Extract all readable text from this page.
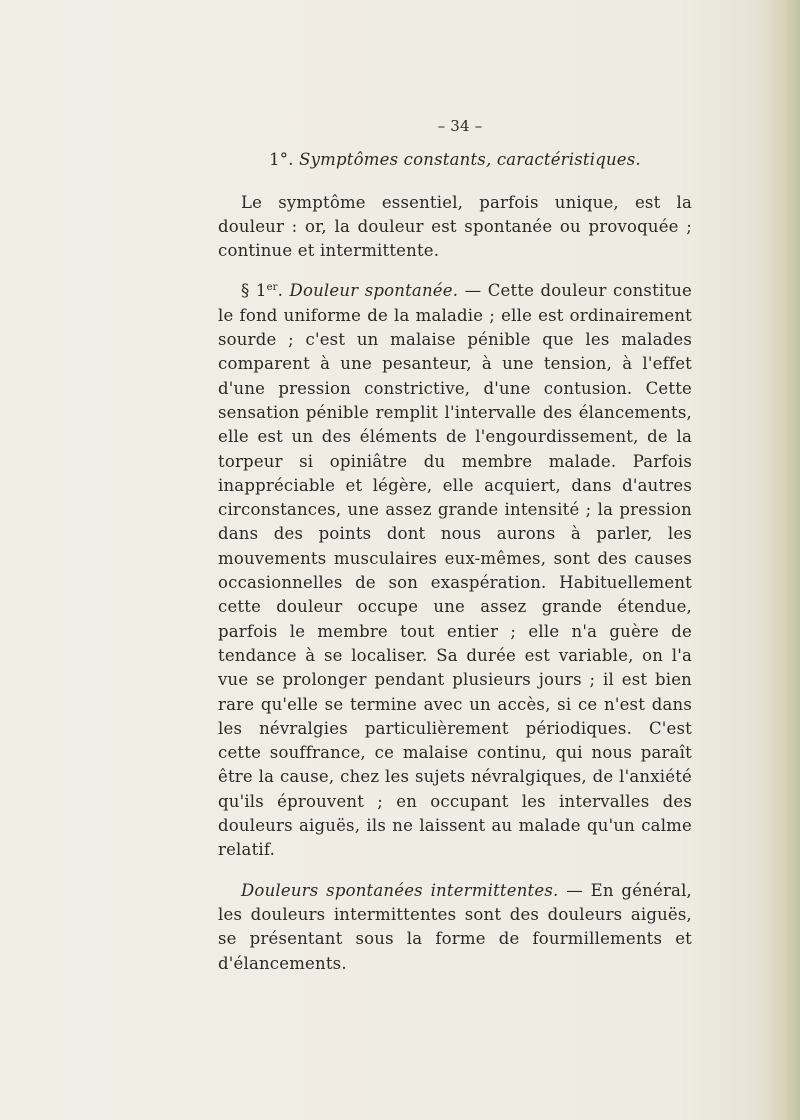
– 34 –
1°. Symptômes constants, caractéristiques.

Le symptôme essentiel, parfois unique, est la douleur : or, la douleur est spontanée ou provoquée ; continue et intermittente.

§ 1er. Douleur spontanée. — Cette douleur constitue le fond uniforme de la maladie ; elle est ordinairement sourde ; c'est un malaise pénible que les malades comparent à une pesanteur, à une tension, à l'effet d'une pression constrictive, d'une contusion. Cette sensation pénible remplit l'intervalle des élancements, elle est un des éléments de l'engourdissement, de la torpeur si opiniâtre du membre malade. Parfois inappréciable et légère, elle acquiert, dans d'autres circonstances, une assez grande intensité ; la pression dans des points dont nous aurons à parler, les mouvements musculaires eux-mêmes, sont des causes occasionnelles de son exaspération. Habituellement cette douleur occupe une assez grande étendue, parfois le membre tout entier ; elle n'a guère de tendance à se localiser. Sa durée est variable, on l'a vue se prolonger pendant plusieurs jours ; il est bien rare qu'elle se termine avec un accès, si ce n'est dans les névralgies particulièrement périodiques. C'est cette souffrance, ce malaise continu, qui nous paraît être la cause, chez les sujets névralgiques, de l'anxiété qu'ils éprouvent ; en occupant les intervalles des douleurs aiguës, ils ne laissent au malade qu'un calme relatif.

Douleurs spontanées intermittentes. — En général, les douleurs intermittentes sont des douleurs aiguës, se présentant sous la forme de fourmillements et d'élancements.
